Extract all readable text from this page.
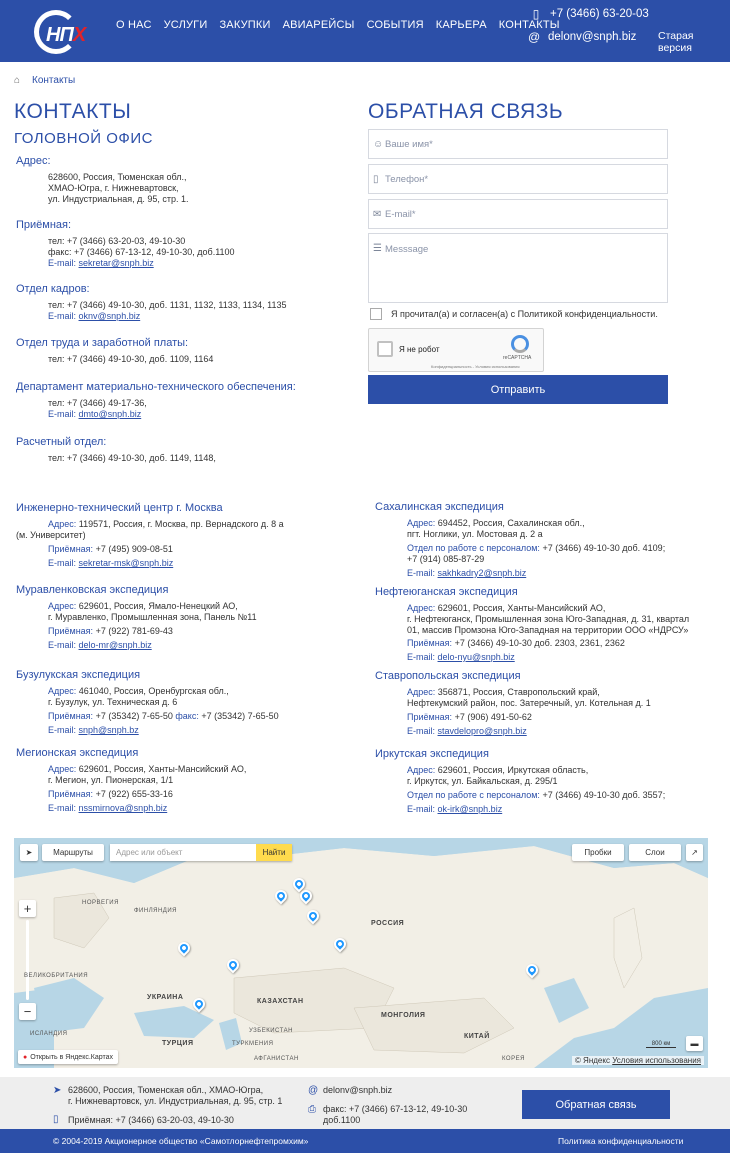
НПХ	О НАС УСЛУГИ ЗАКУПКИ АВИАРЕЙСЫ СОБЫТИЯ КАРЬЕРА КОНТАКТЫ
▯ +7 (3466) 63-20-03
@ delonv@snph.biz Старая версия
⌂	Контакты
КОНТАКТЫ
ГОЛОВНОЙ ОФИС
Адрес:
628600, Россия, Тюменская обл.,
ХМАО-Югра, г. Нижневартовск,
ул. Индустриальная, д. 95, стр. 1.
Приёмная:
тел: +7 (3466) 63-20-03, 49-10-30
факс: +7 (3466) 67-13-12, 49-10-30, доб.1100
E-mail: sekretar@snph.biz
Отдел кадров:
тел: +7 (3466) 49-10-30, доб. 1131, 1132, 1133, 1134, 1135
E-mail: oknv@snph.biz
Отдел труда и заработной платы:
тел: +7 (3466) 49-10-30, доб. 1109, 1164
Департамент материально-технического обеспечения:
тел: +7 (3466) 49-17-36,
E-mail: dmto@snph.biz
Расчетный отдел:
тел: +7 (3466) 49-10-30, доб. 1149, 1148,
ОБРАТНАЯ СВЯЗЬ
☺ Ваше имя*
▯ Телефон*
✉ E-mail*
☰ Messsage
Я прочитал(а) и согласен(а) с Политикой конфиденциальности.
Я не робот
reCAPTCHA
Конфиденциальность - Условия использования
Отправить
Инженерно-технический центр г. Москва
Адрес: 119571, Россия, г. Москва, пр. Вернадского д. 8 а
(м. Университет)
Приёмная: +7 (495) 909-08-51
E-mail: sekretar-msk@snph.biz
Муравленковская экспедиция
Адрес: 629601, Россия, Ямало-Ненецкий АО,
г. Муравленко, Промышленная зона, Панель №11
Приёмная: +7 (922) 781-69-43
E-mail: delo-mr@snph.biz
Бузулукская экспедиция
Адрес: 461040, Россия, Оренбургская обл.,
г. Бузулук, ул. Техническая д. 6
Приёмная: +7 (35342) 7-65-50 факс: +7 (35342) 7-65-50
E-mail: snph@snph.bz
Мегионская экспедиция
Адрес: 629601, Россия, Ханты-Мансийский АО,
г. Мегион, ул. Пионерская, 1/1
Приёмная: +7 (922) 655-33-16
E-mail: nssmirnova@snph.biz
Сахалинская экспедиция
Адрес: 694452, Россия, Сахалинская обл.,
пгт. Ноглики, ул. Мостовая д. 2 а
Отдел по работе с персоналом: +7 (3466) 49-10-30 доб. 4109;
+7 (914) 085-87-29
E-mail: sakhkadry2@snph.biz
Нефтеюганская экспедиция
Адрес: 629601, Россия, Ханты-Мансийский АО,
г. Нефтеюганск, Промышленная зона Юго-Западная, д. 31, квартал
01, массив Промзона Юго-Западная на территории ООО «НДРСУ»
Приёмная: +7 (3466) 49-10-30 доб. 2303, 2361, 2362
E-mail: delo-nyu@snph.biz
Ставропольская экспедиция
Адрес: 356871, Россия, Ставропольский край,
Нефтекумский район, пос. Затеречный, ул. Котельная д. 1
Приёмная: +7 (906) 491-50-62
E-mail: stavdelopro@snph.biz
Иркутская экспедиция
Адрес: 629601, Россия, Иркутская область,
г. Иркутск, ул. Байкальская, д. 295/1
Отдел по работе с персоналом: +7 (3466) 49-10-30 доб. 3557;
E-mail: ok-irk@snph.biz
➤	Маршруты	Адрес или объект	Найти	Пробки	Слои	↗
+
−
РОССИЯ
КАЗАХСТАН
МОНГОЛИЯ
НОРВЕГИЯ
ФИНЛЯНДИЯ
УКРАИНА
ТУРЦИЯ
УЗБЕКИСТАН
ТУРКМЕНИЯ
АФГАНИСТАН
ИСЛАНДИЯ
ВЕЛИКОБРИТАНИЯ
КИТАЙ
КОРЕЯ
● Открыть в Яндекс.Картах
800 км	▬
© Яндекс Условия использования
➤ 628600, Россия, Тюменская обл., ХМАО-Югра,
г. Нижневартовск, ул. Индустриальная, д. 95, стр. 1
▯ Приёмная: +7 (3466) 63-20-03, 49-10-30
@ delonv@snph.biz
⎙ факс: +7 (3466) 67-13-12, 49-10-30
доб.1100
Обратная связь
© 2004-2019 Акционерное общество «Самотлорнефтепромхим»	Политика конфиденциальности
